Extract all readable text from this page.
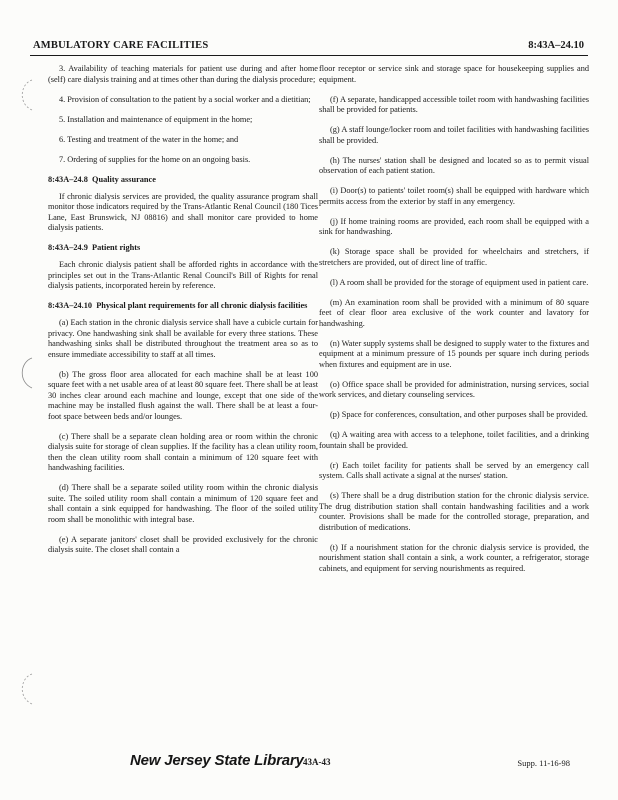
AMBULATORY CARE FACILITIES	8:43A–24.10

3. Availability of teaching materials for patient use during and after home (self) care dialysis training and at times other than during the dialysis procedure;

4. Provision of consultation to the patient by a social worker and a dietitian;

5. Installation and maintenance of equipment in the home;

6. Testing and treatment of the water in the home; and

7. Ordering of supplies for the home on an ongoing basis.

8:43A–24.8 Quality assurance

If chronic dialysis services are provided, the quality assurance program shall monitor those indicators required by the Trans-Atlantic Renal Council (180 Tices Lane, East Brunswick, NJ 08816) and shall monitor care provided to home dialysis patients.

8:43A–24.9 Patient rights

Each chronic dialysis patient shall be afforded rights in accordance with the principles set out in the Trans-Atlantic Renal Council's Bill of Rights for renal dialysis patients, incorporated herein by reference.

8:43A–24.10 Physical plant requirements for all chronic dialysis facilities

(a) Each station in the chronic dialysis service shall have a cubicle curtain for privacy. One handwashing sink shall be available for every three stations. These handwashing sinks shall be distributed throughout the treatment area so as to ensure immediate accessibility to staff at all times.

(b) The gross floor area allocated for each machine shall be at least 100 square feet with a net usable area of at least 80 square feet. There shall be at least 30 inches clear around each machine and lounge, except that one side of the machine may be installed flush against the wall. There shall be at least a four-foot space between beds and/or lounges.

(c) There shall be a separate clean holding area or room within the chronic dialysis suite for storage of clean supplies. If the facility has a clean utility room, then the clean utility room shall contain a minimum of 120 square feet with handwashing facilities.

(d) There shall be a separate soiled utility room within the chronic dialysis suite. The soiled utility room shall contain a minimum of 120 square feet and shall contain a sink equipped for handwashing. The floor of the soiled utility room shall be monolithic with integral base.

(e) A separate janitors' closet shall be provided exclusively for the chronic dialysis suite. The closet shall contain a

floor receptor or service sink and storage space for housekeeping supplies and equipment.

(f) A separate, handicapped accessible toilet room with handwashing facilities shall be provided for patients.

(g) A staff lounge/locker room and toilet facilities with handwashing facilities shall be provided.

(h) The nurses' station shall be designed and located so as to permit visual observation of each patient station.

(i) Door(s) to patients' toilet room(s) shall be equipped with hardware which permits access from the exterior by staff in any emergency.

(j) If home training rooms are provided, each room shall be equipped with a sink for handwashing.

(k) Storage space shall be provided for wheelchairs and stretchers, if stretchers are provided, out of direct line of traffic.

(l) A room shall be provided for the storage of equipment used in patient care.

(m) An examination room shall be provided with a minimum of 80 square feet of clear floor area exclusive of the work counter and lavatory for handwashing.

(n) Water supply systems shall be designed to supply water to the fixtures and equipment at a minimum pressure of 15 pounds per square inch during periods when fixtures and equipment are in use.

(o) Office space shall be provided for administration, nursing services, social work services, and dietary counseling services.

(p) Space for conferences, consultation, and other purposes shall be provided.

(q) A waiting area with access to a telephone, toilet facilities, and a drinking fountain shall be provided.

(r) Each toilet facility for patients shall be served by an emergency call system. Calls shall activate a signal at the nurses' station.

(s) There shall be a drug distribution station for the chronic dialysis service. The drug distribution station shall contain handwashing facilities and a work counter. Provisions shall be made for the controlled storage, preparation, and distribution of medications.

(t) If a nourishment station for the chronic dialysis service is provided, the nourishment station shall contain a sink, a work counter, a refrigerator, storage cabinets, and equipment for serving nourishments as required.

New Jersey State Library 43A-43	Supp. 11-16-98
